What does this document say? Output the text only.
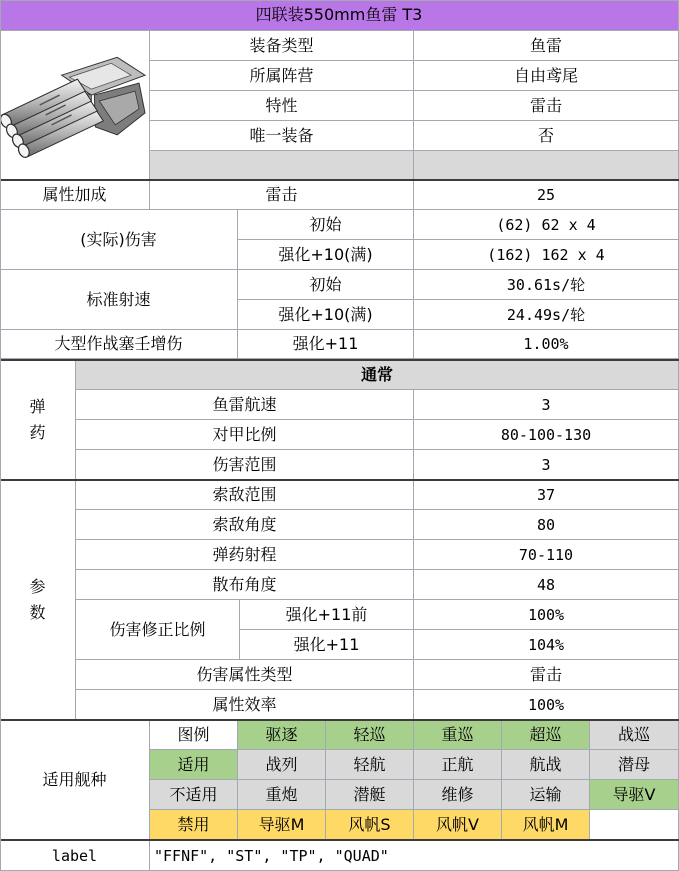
四联装550mm鱼雷 T3
装备类型	鱼雷
所属阵营	自由鸢尾
特性	雷击
唯一装备	否
属性加成	雷击	25
(实际)伤害
初始	(62) 62 x 4
强化+10(满)	(162) 162 x 4
标准射速
初始	30.61s/轮
强化+10(满)	24.49s/轮
大型作战塞壬增伤	强化+11	1.00%
弹
药
通常
鱼雷航速	3
对甲比例	80-100-130
伤害范围	3
参
数
索敌范围	37
索敌角度	80
弹药射程	70-110
散布角度	48
伤害修正比例
强化+11前	100%
强化+11	104%
伤害属性类型	雷击
属性效率	100%
适用舰种
图例	驱逐	轻巡	重巡	超巡	战巡
适用	战列	轻航	正航	航战	潜母
不适用	重炮	潜艇	维修	运输	导驱V
禁用	导驱M	风帆S	风帆V	风帆M
label	"FFNF", "ST", "TP", "QUAD"
